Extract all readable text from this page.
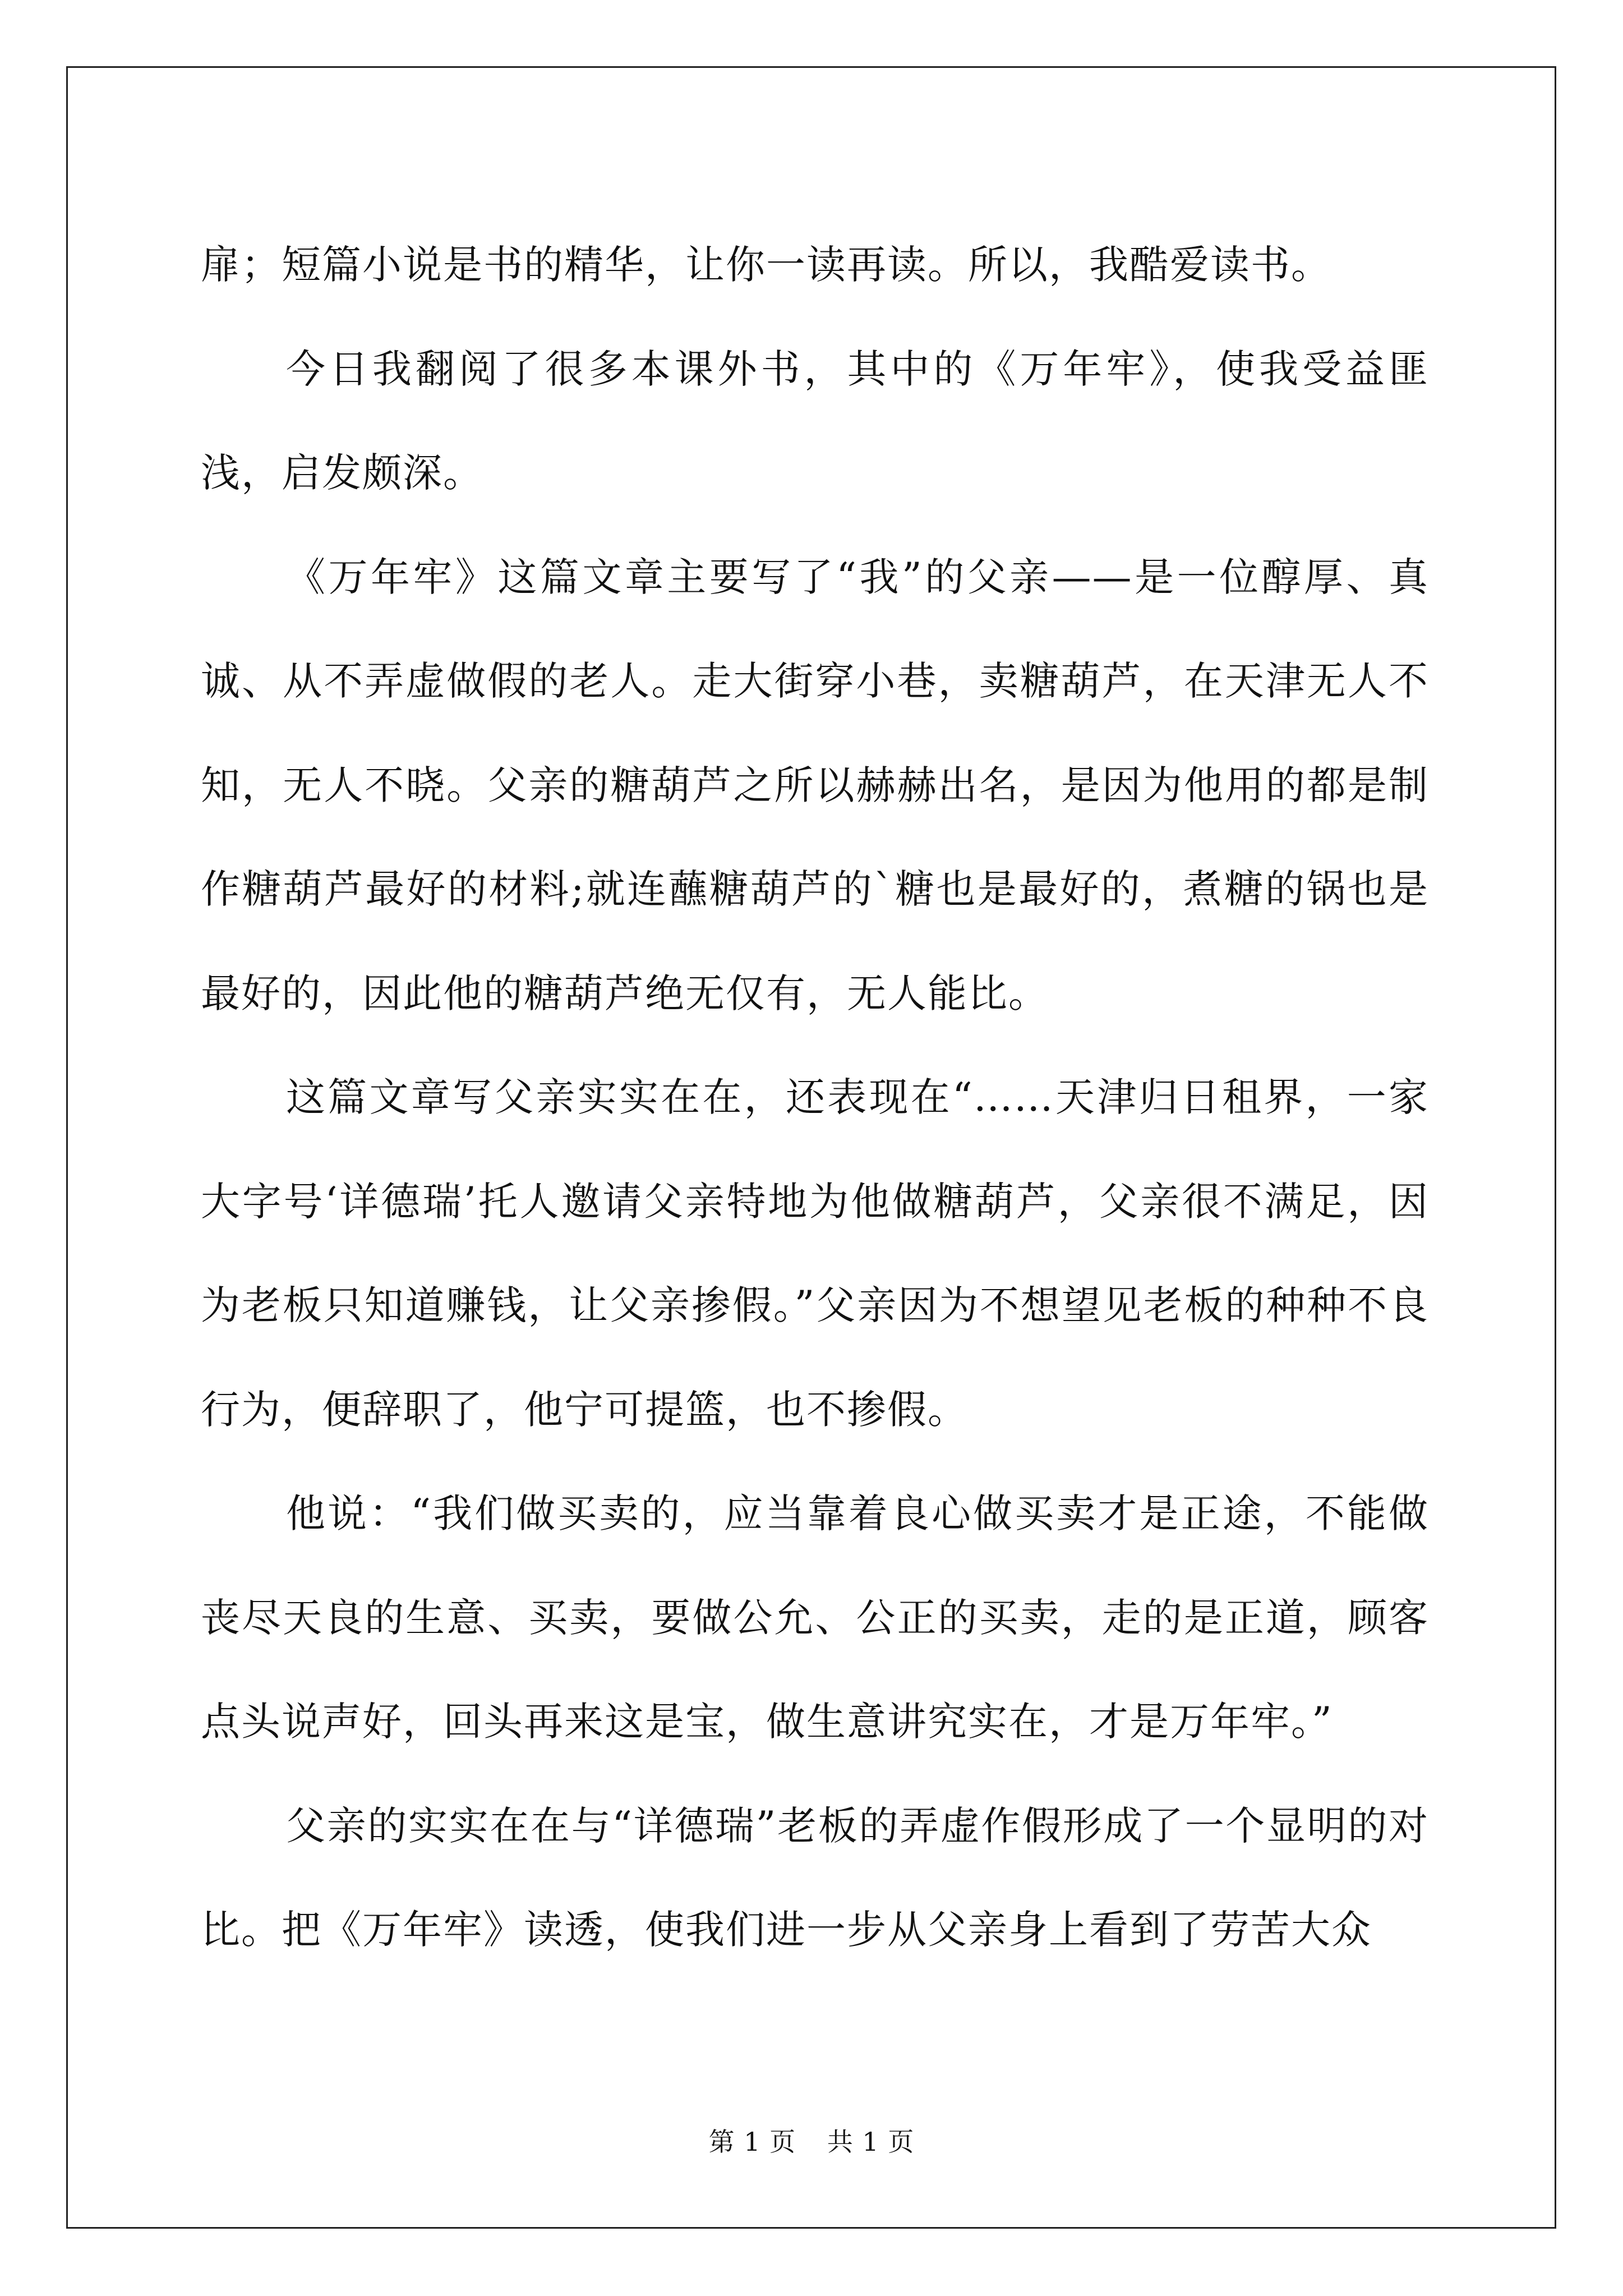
扉；短篇小说是书的精华，让你一读再读。所以，我酷爱读书。

今日我翻阅了很多本课外书，其中的《万年牢》，使我受益匪浅，启发颇深。

《万年牢》这篇文章主要写了“我”的父亲——是一位醇厚、真诚、从不弄虚做假的老人。走大街穿小巷，卖糖葫芦，在天津无人不知，无人不晓。父亲的糖葫芦之所以赫赫出名，是因为他用的都是制作糖葫芦最好的材料;就连蘸糖葫芦的`糖也是最好的，煮糖的锅也是最好的，因此他的糖葫芦绝无仅有，无人能比。

这篇文章写父亲实实在在，还表现在“……天津归日租界，一家大字号‘详德瑞’托人邀请父亲特地为他做糖葫芦，父亲很不满足，因为老板只知道赚钱，让父亲掺假。”父亲因为不想望见老板的种种不良行为，便辞职了，他宁可提篮，也不掺假。

他说：“我们做买卖的，应当靠着良心做买卖才是正途，不能做丧尽天良的生意、买卖，要做公允、公正的买卖，走的是正道，顾客点头说声好，回头再来这是宝，做生意讲究实在，才是万年牢。”

父亲的实实在在与“详德瑞”老板的弄虚作假形成了一个显明的对比。把《万年牢》读透，使我们进一步从父亲身上看到了劳苦大众

第 1 页 共 1 页
